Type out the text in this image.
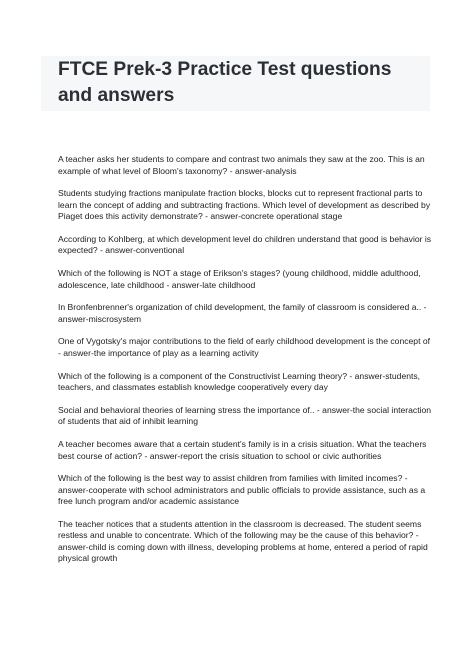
FTCE Prek-3 Practice Test questions and answers

A teacher asks her students to compare and contrast two animals they saw at the zoo. This is an example of what level of Bloom's taxonomy? - answer-analysis

Students studying fractions manipulate fraction blocks, blocks cut to represent fractional parts to learn the concept of adding and subtracting fractions. Which level of development as described by Piaget does this activity demonstrate? - answer-concrete operational stage

According to Kohlberg, at which development level do children understand that good is behavior is expected? - answer-conventional

Which of the following is NOT a stage of Erikson's stages? (young childhood, middle adulthood, adolescence, late childhood - answer-late childhood

In Bronfenbrenner's organization of child development, the family of classroom is considered a.. - answer-miscrosystem

One of Vygotsky's major contributions to the field of early childhood development is the concept of - answer-the importance of play as a learning activity

Which of the following is a component of the Constructivist Learning theory? - answer-students, teachers, and classmates establish knowledge cooperatively every day

Social and behavioral theories of learning stress the importance of.. - answer-the social interaction of students that aid of inhibit learning

A teacher becomes aware that a certain student's family is in a crisis situation. What the teachers best course of action? - answer-report the crisis situation to school or civic authorities

Which of the following is the best way to assist children from families with limited incomes? - answer-cooperate with school administrators and public officials to provide assistance, such as a free lunch program and/or academic assistance

The teacher notices that a students attention in the classroom is decreased. The student seems restless and unable to concentrate. Which of the following may be the cause of this behavior? - answer-child is coming down with illness, developing problems at home, entered a period of rapid physical growth
